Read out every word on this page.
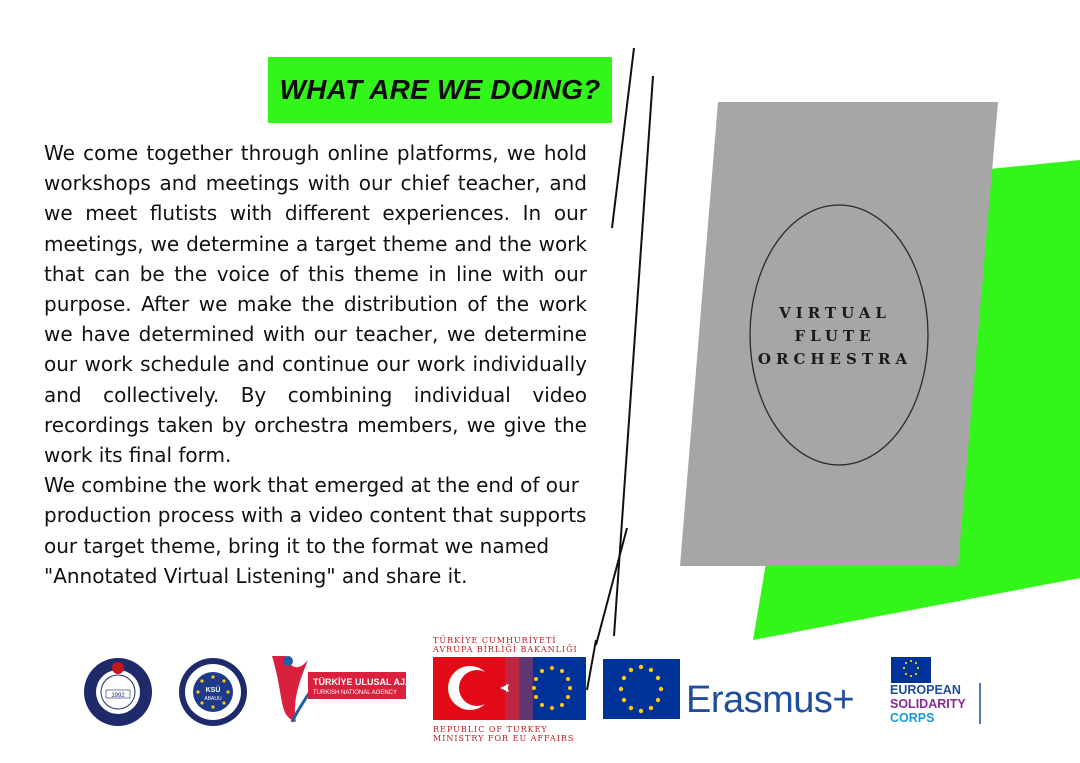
WHAT ARE WE DOING?

We come together through online platforms, we hold workshops and meetings with our chief teacher, and we meet flutists with different experiences. In our meetings, we determine a target theme and the work that can be the voice of this theme in line with our purpose. After we make the distribution of the work we have determined with our teacher, we determine our work schedule and continue our work individually and collectively. By combining individual video recordings taken by orchestra members, we give the work its final form.

We combine the work that emerged at the end of our production process with a video content that supports our target theme, bring it to the format we named "Annotated Virtual Listening" and share it.

VIRTUAL
FLUTE
ORCHESTRA
1992
KSÜ
ABAUU
TÜRKİYE ULUSAL AJANSI
TURKISH NATIONAL AGENCY
TÜRKİYE CUMHURİYETİ
AVRUPA BİRLİĞİ BAKANLIĞI
REPUBLIC OF TURKEY
MINISTRY FOR EU AFFAIRS
Erasmus+	EUROPEAN
SOLIDARITY
CORPS
